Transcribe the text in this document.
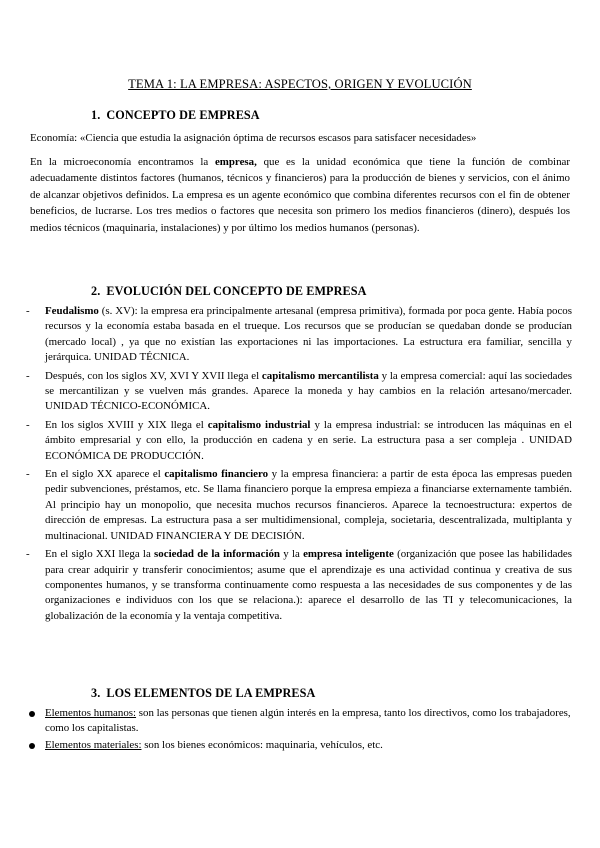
TEMA 1: LA EMPRESA: ASPECTOS, ORIGEN Y EVOLUCIÓN
1. CONCEPTO DE EMPRESA
Economía: «Ciencia que estudia la asignación óptima de recursos escasos para satisfacer necesidades»
En la microeconomía encontramos la empresa, que es la unidad económica que tiene la función de combinar adecuadamente distintos factores (humanos, técnicos y financieros) para la producción de bienes y servicios, con el ánimo de alcanzar objetivos definidos. La empresa es un agente económico que combina diferentes recursos con el fin de obtener beneficios, de lucrarse. Los tres medios o factores que necesita son primero los medios financieros (dinero), después los medios técnicos (maquinaria, instalaciones) y por último los medios humanos (personas).
2. EVOLUCIÓN DEL CONCEPTO DE EMPRESA
- Feudalismo (s. XV): la empresa era principalmente artesanal (empresa primitiva), formada por poca gente. Había pocos recursos y la economía estaba basada en el trueque. Los recursos que se producían se quedaban donde se producían (mercado local) , ya que no existían las exportaciones ni las importaciones. La estructura era familiar, sencilla y jerárquica. UNIDAD TÉCNICA.
- Después, con los siglos XV, XVI Y XVII llega el capitalismo mercantilista y la empresa comercial: aquí las sociedades se mercantilizan y se vuelven más grandes. Aparece la moneda y hay cambios en la relación artesano/mercader. UNIDAD TÉCNICO-ECONÓMICA.
- En los siglos XVIII y XIX llega el capitalismo industrial y la empresa industrial: se introducen las máquinas en el ámbito empresarial y con ello, la producción en cadena y en serie. La estructura pasa a ser compleja . UNIDAD ECONÓMICA DE PRODUCCIÓN.
- En el siglo XX aparece el capitalismo financiero y la empresa financiera: a partir de esta época las empresas pueden pedir subvenciones, préstamos, etc. Se llama financiero porque la empresa empieza a financiarse externamente también. Al principio hay un monopolio, que necesita muchos recursos financieros. Aparece la tecnoestructura: expertos de dirección de empresas. La estructura pasa a ser multidimensional, compleja, societaria, descentralizada, multiplanta y multinacional. UNIDAD FINANCIERA Y DE DECISIÓN.
- En el siglo XXI llega la sociedad de la información y la empresa inteligente (organización que posee las habilidades para crear adquirir y transferir conocimientos; asume que el aprendizaje es una actividad continua y creativa de sus componentes humanos, y se transforma continuamente como respuesta a las necesidades de sus componentes y de las organizaciones e individuos con los que se relaciona.): aparece el desarrollo de las TI y telecomunicaciones, la globalización de la economía y la ventaja competitiva.
3. LOS ELEMENTOS DE LA EMPRESA
Elementos humanos: son las personas que tienen algún interés en la empresa, tanto los directivos, como los trabajadores, como los capitalistas.
Elementos materiales: son los bienes económicos: maquinaria, vehículos, etc.
